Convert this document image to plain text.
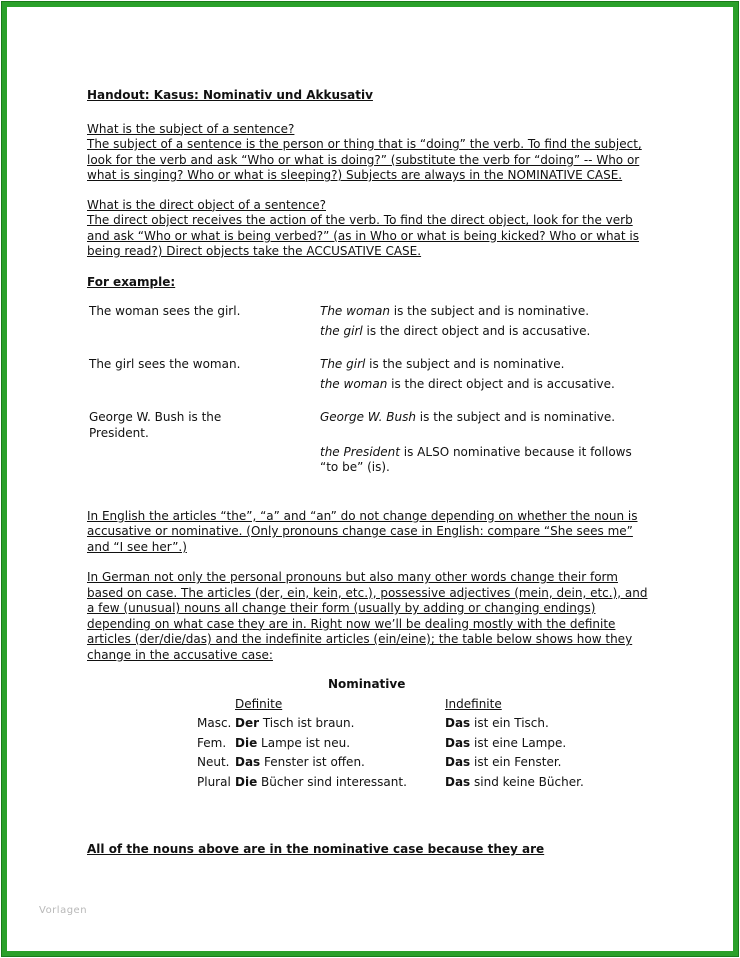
Handout: Kasus: Nominativ und Akkusativ

What is the subject of a sentence?

The subject of a sentence is the person or thing that is “doing” the verb. To find the subject, look for the verb and ask “Who or what is doing?” (substitute the verb for “doing” -- Who or what is singing? Who or what is sleeping?) Subjects are always in the NOMINATIVE CASE.

What is the direct object of a sentence?

The direct object receives the action of the verb. To find the direct object, look for the verb and ask “Who or what is being verbed?” (as in Who or what is being kicked? Who or what is being read?) Direct objects take the ACCUSATIVE CASE.

For example:

The woman sees the girl.	The woman is the subject and is nominative.
the girl is the direct object and is accusative.

The girl sees the woman.	The girl is the subject and is nominative.
the woman is the direct object and is accusative.

George W. Bush is the President.	George W. Bush is the subject and is nominative.
the President is ALSO nominative because it follows “to be” (is).

In English the articles “the”, “a” and “an” do not change depending on whether the noun is accusative or nominative. (Only pronouns change case in English: compare “She sees me” and “I see her”.)

In German not only the personal pronouns but also many other words change their form based on case. The articles (der, ein, kein, etc.), possessive adjectives (mein, dein, etc.), and a few (unusual) nouns all change their form (usually by adding or changing endings) depending on what case they are in. Right now we’ll be dealing mostly with the definite articles (der/die/das) and the indefinite articles (ein/eine); the table below shows how they change in the accusative case:

Nominative

	Definite	Indefinite
Masc.	Der Tisch ist braun.	Das ist ein Tisch.
Fem.	Die Lampe ist neu.	Das ist eine Lampe.
Neut.	Das Fenster ist offen.	Das ist ein Fenster.
Plural	Die Bücher sind interessant.	Das sind keine Bücher.

All of the nouns above are in the nominative case because they are

Vorlagen
